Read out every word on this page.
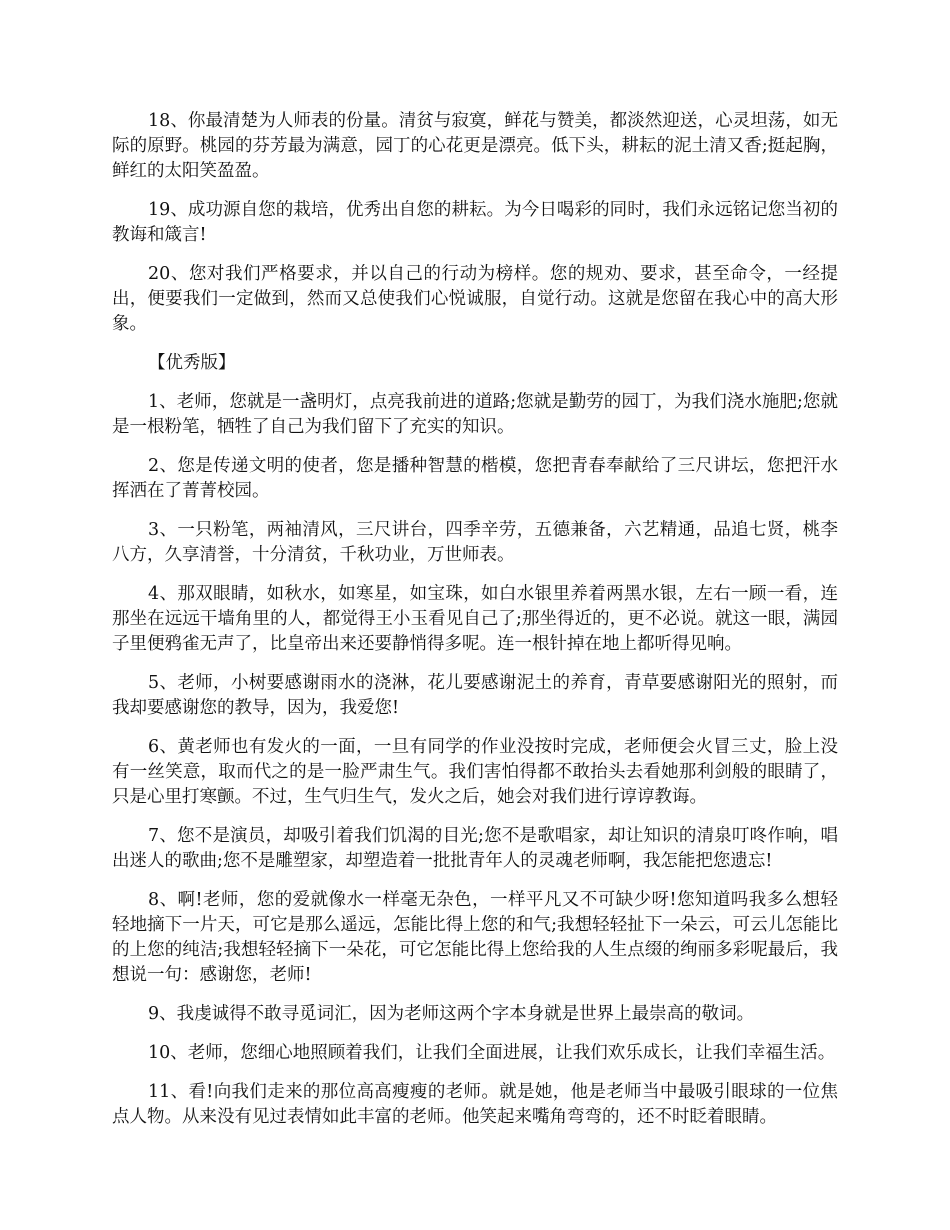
18、你最清楚为人师表的份量。清贫与寂寞，鲜花与赞美，都淡然迎送，心灵坦荡，如无际的原野。桃园的芬芳最为满意，园丁的心花更是漂亮。低下头，耕耘的泥土清又香;挺起胸，鲜红的太阳笑盈盈。

19、成功源自您的栽培，优秀出自您的耕耘。为今日喝彩的同时，我们永远铭记您当初的教诲和箴言!

20、您对我们严格要求，并以自己的行动为榜样。您的规劝、要求，甚至命令，一经提出，便要我们一定做到，然而又总使我们心悦诚服，自觉行动。这就是您留在我心中的高大形象。

【优秀版】

1、老师，您就是一盏明灯，点亮我前进的道路;您就是勤劳的园丁，为我们浇水施肥;您就是一根粉笔，牺牲了自己为我们留下了充实的知识。

2、您是传递文明的使者，您是播种智慧的楷模，您把青春奉献给了三尺讲坛，您把汗水挥洒在了菁菁校园。

3、一只粉笔，两袖清风，三尺讲台，四季辛劳，五德兼备，六艺精通，品追七贤，桃李八方，久享清誉，十分清贫，千秋功业，万世师表。

4、那双眼睛，如秋水，如寒星，如宝珠，如白水银里养着两黑水银，左右一顾一看，连那坐在远远干墙角里的人，都觉得王小玉看见自己了;那坐得近的，更不必说。就这一眼，满园子里便鸦雀无声了，比皇帝出来还要静悄得多呢。连一根针掉在地上都听得见响。

5、老师，小树要感谢雨水的浇淋，花儿要感谢泥土的养育，青草要感谢阳光的照射，而我却要感谢您的教导，因为，我爱您!

6、黄老师也有发火的一面，一旦有同学的作业没按时完成，老师便会火冒三丈，脸上没有一丝笑意，取而代之的是一脸严肃生气。我们害怕得都不敢抬头去看她那利剑般的眼睛了，只是心里打寒颤。不过，生气归生气，发火之后，她会对我们进行谆谆教诲。

7、您不是演员，却吸引着我们饥渴的目光;您不是歌唱家，却让知识的清泉叮咚作响，唱出迷人的歌曲;您不是雕塑家，却塑造着一批批青年人的灵魂老师啊，我怎能把您遗忘!

8、啊!老师，您的爱就像水一样毫无杂色，一样平凡又不可缺少呀!您知道吗我多么想轻轻地摘下一片天，可它是那么遥远，怎能比得上您的和气;我想轻轻扯下一朵云，可云儿怎能比的上您的纯洁;我想轻轻摘下一朵花，可它怎能比得上您给我的人生点缀的绚丽多彩呢最后，我想说一句：感谢您，老师!

9、我虔诚得不敢寻觅词汇，因为老师这两个字本身就是世界上最崇高的敬词。

10、老师，您细心地照顾着我们，让我们全面进展，让我们欢乐成长，让我们幸福生活。

11、看!向我们走来的那位高高瘦瘦的老师。就是她，他是老师当中最吸引眼球的一位焦点人物。从来没有见过表情如此丰富的老师。他笑起来嘴角弯弯的，还不时眨着眼睛。
